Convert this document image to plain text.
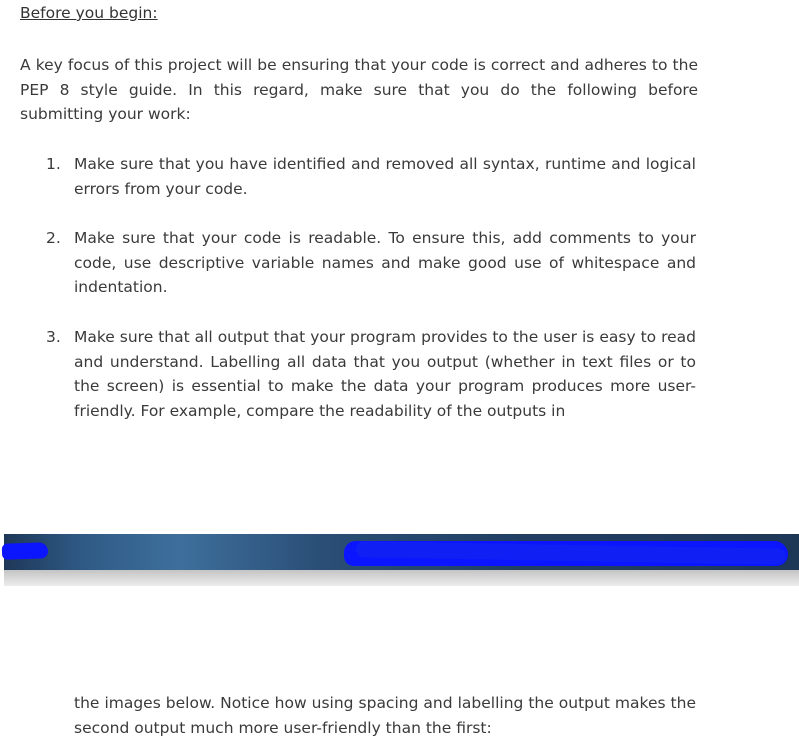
Before you begin:
A key focus of this project will be ensuring that your code is correct and adheres to the PEP 8 style guide. In this regard, make sure that you do the following before submitting your work:
1. Make sure that you have identified and removed all syntax, runtime and logical errors from your code.
2. Make sure that your code is readable. To ensure this, add comments to your code, use descriptive variable names and make good use of whitespace and indentation.
3. Make sure that all output that your program provides to the user is easy to read and understand. Labelling all data that you output (whether in text files or to the screen) is essential to make the data your program produces more user-friendly. For example, compare the readability of the outputs in
the images below. Notice how using spacing and labelling the output makes the second output much more user-friendly than the first:
